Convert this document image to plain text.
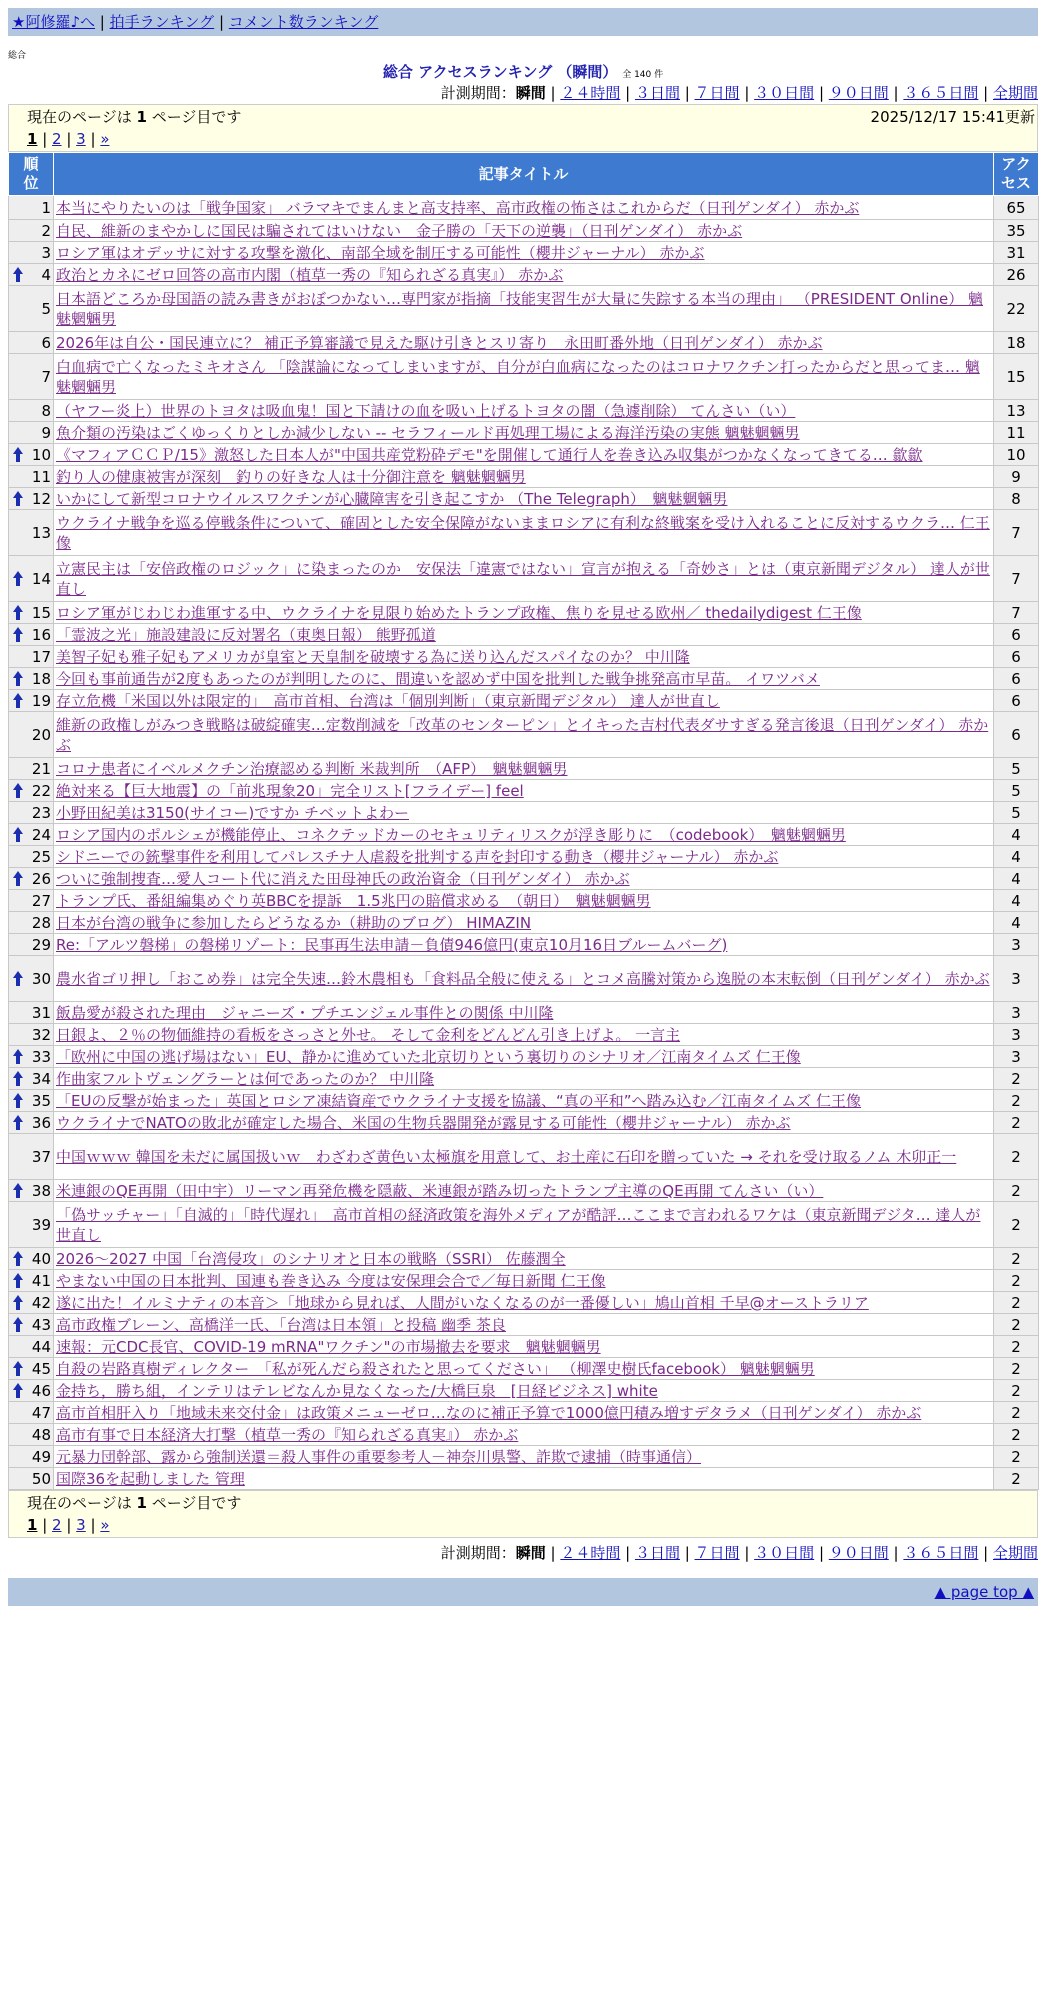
★阿修羅♪へ | 拍手ランキング | コメント数ランキング
総合
総合 アクセスランキング （瞬間） 全 140 件
計測期間：瞬間 | ２４時間 | ３日間 | ７日間 | ３０日間 | ９０日間 | ３６５日間 | 全期間
現在のページは 1 ページ目です	2025/12/17 15:41更新
1 | 2 | 3 | »
順位	記事タイトル	アクセス
1	本当にやりたいのは「戦争国家」 バラマキでまんまと高支持率、高市政権の怖さはこれからだ（日刊ゲンダイ） 赤かぶ	65
2	自民、維新のまやかしに国民は騙されてはいけない　金子勝の「天下の逆襲」（日刊ゲンダイ） 赤かぶ	35
3	ロシア軍はオデッサに対する攻撃を激化、南部全域を制圧する可能性（櫻井ジャーナル） 赤かぶ	31

4	政治とカネにゼロ回答の高市内閣（植草一秀の『知られざる真実』） 赤かぶ	26
5	日本語どころか母国語の読み書きがおぼつかない…専門家が指摘「技能実習生が大量に失踪する本当の理由」 （PRESIDENT Online） 魑魅魍魎男	22
6	2026年は自公・国民連立に？ 補正予算審議で見えた駆け引きとスリ寄り　永田町番外地（日刊ゲンダイ） 赤かぶ	18
7	白血病で亡くなったミキオさん 「陰謀論になってしまいますが、自分が白血病になったのはコロナワクチン打ったからだと思ってま… 魑魅魍魎男	15
8	（ヤフー炎上）世界のトヨタは吸血鬼！国と下請けの血を吸い上げるトヨタの闇（急遽削除） てんさい（い）	13
9	魚介類の汚染はごくゆっくりとしか減少しない -- セラフィールド再処理工場による海洋汚染の実態 魑魅魍魎男	11

10	《マフィアＣＣＰ/15》激怒した日本人が"中国共産党粉砕デモ"を開催して通行人を巻き込み収集がつかなくなってきてる… 歙歙	10
11	釣り人の健康被害が深刻　釣りの好きな人は十分御注意を 魑魅魍魎男	9

12	いかにして新型コロナウイルスワクチンが心臓障害を引き起こすか （The Telegraph）　魑魅魍魎男	8
13	ウクライナ戦争を巡る停戦条件について、確固とした安全保障がないままロシアに有利な終戦案を受け入れることに反対するウクラ… 仁王像	7

14	立憲民主は「安倍政権のロジック」に染まったのか　安保法「違憲ではない」宣言が抱える「奇妙さ」とは（東京新聞デジタル） 達人が世直し	7

15	ロシア軍がじわじわ進軍する中、ウクライナを見限り始めたトランプ政権、焦りを見せる欧州／ thedailydigest 仁王像	7

16	「霊波之光」施設建設に反対署名（東奥日報） 熊野孤道	6
17	美智子妃も雅子妃もアメリカが皇室と天皇制を破壊する為に送り込んだスパイなのか？ 中川隆	6

18	今回も事前通告が2度もあったのが判明したのに、間違いを認めず中国を批判した戦争挑発高市早苗。 イワツバメ	6

19	存立危機「米国以外は限定的」　高市首相、台湾は「個別判断」（東京新聞デジタル） 達人が世直し	6
20	維新の政権しがみつき戦略は破綻確実…定数削減を「改革のセンターピン」とイキった吉村代表ダサすぎる発言後退（日刊ゲンダイ） 赤かぶ	6
21	コロナ患者にイベルメクチン治療認める判断 米裁判所　（AFP）　魑魅魍魎男	5

22	絶対来る【巨大地震】の「前兆現象20」完全リスト[フライデー] feel	5
23	小野田紀美は3150(サイコー)ですか チベットよわー	5

24	ロシア国内のポルシェが機能停止、コネクテッドカーのセキュリティリスクが浮き彫りに　（codebook）　魑魅魍魎男	4
25	シドニーでの銃撃事件を利用してパレスチナ人虐殺を批判する声を封印する動き（櫻井ジャーナル） 赤かぶ	4

26	ついに強制捜査…愛人コート代に消えた田母神氏の政治資金（日刊ゲンダイ） 赤かぶ	4
27	トランプ氏、番組編集めぐり英BBCを提訴　1.5兆円の賠償求める　（朝日）　魑魅魍魎男	4
28	日本が台湾の戦争に参加したらどうなるか（耕助のブログ） HIMAZIN	4
29	Re:「アルツ磐梯」の磐梯リゾート：民事再生法申請－負債946億円(東京10月16日ブルームバーグ)	3

30	農水省ゴリ押し「おこめ券」は完全失速…鈴木農相も「食料品全般に使える」とコメ高騰対策から逸脱の本末転倒（日刊ゲンダイ） 赤かぶ	3
31	飯島愛が殺された理由＿ジャニーズ・プチエンジェル事件との関係 中川隆	3
32	日銀よ、２％の物価維持の看板をさっさと外せ。 そして金利をどんどん引き上げよ。 一言主	3

33	「欧州に中国の逃げ場はない」EU、静かに進めていた北京切りという裏切りのシナリオ／江南タイムズ 仁王像	3

34	作曲家フルトヴェングラーとは何であったのか？ 中川隆	2

35	「EUの反撃が始まった」英国とロシア凍結資産でウクライナ支援を協議、“真の平和”へ踏み込む／江南タイムズ 仁王像	2

36	ウクライナでNATOの敗北が確定した場合、米国の生物兵器開発が露見する可能性（櫻井ジャーナル） 赤かぶ	2
37	中国ｗｗｗ 韓国を未だに属国扱いｗ　わざわざ黄色い太極旗を用意して、お土産に石印を贈っていた → それを受け取るノム 木卯正一	2

38	米連銀のQE再開（田中宇）リーマン再発危機を隠蔽、米連銀が踏み切ったトランプ主導のQE再開 てんさい（い）	2
39	「偽サッチャー」「自滅的」「時代遅れ」　高市首相の経済政策を海外メディアが酷評…ここまで言われるワケは（東京新聞デジタ… 達人が世直し	2

40	2026～2027 中国「台湾侵攻」のシナリオと日本の戦略（SSRI） 佐藤潤全	2

41	やまない中国の日本批判、国連も巻き込み 今度は安保理会合で／毎日新聞 仁王像	2

42	遂に出た！イルミナティの本音＞「地球から見れば、人間がいなくなるのが一番優しい」鳩山首相 千早@オーストラリア	2

43	高市政権ブレーン、高橋洋一氏、「台湾は日本領」と投稿 幽季 茶良	2
44	速報：元CDC長官、COVID-19 mRNA"ワクチン"の市場撤去を要求　魑魅魍魎男	2

45	自殺の岩路真樹ディレクター　「私が死んだら殺されたと思ってください」 （柳澤史樹氏facebook） 魑魅魍魎男	2

46	金持ち，勝ち組，インテリはテレビなんか見なくなった/大橋巨泉　[日経ビジネス] white	2
47	高市首相肝入り「地域未来交付金」は政策メニューゼロ…なのに補正予算で1000億円積み増すデタラメ（日刊ゲンダイ） 赤かぶ	2
48	高市有事で日本経済大打撃（植草一秀の『知られざる真実』） 赤かぶ	2
49	元暴力団幹部、露から強制送還＝殺人事件の重要参考人－神奈川県警、詐欺で逮捕（時事通信）	2
50	国際36を起動しました 管理	2
現在のページは 1 ページ目です
1 | 2 | 3 | »
計測期間：瞬間 | ２４時間 | ３日間 | ７日間 | ３０日間 | ９０日間 | ３６５日間 | 全期間
▲ page top ▲
